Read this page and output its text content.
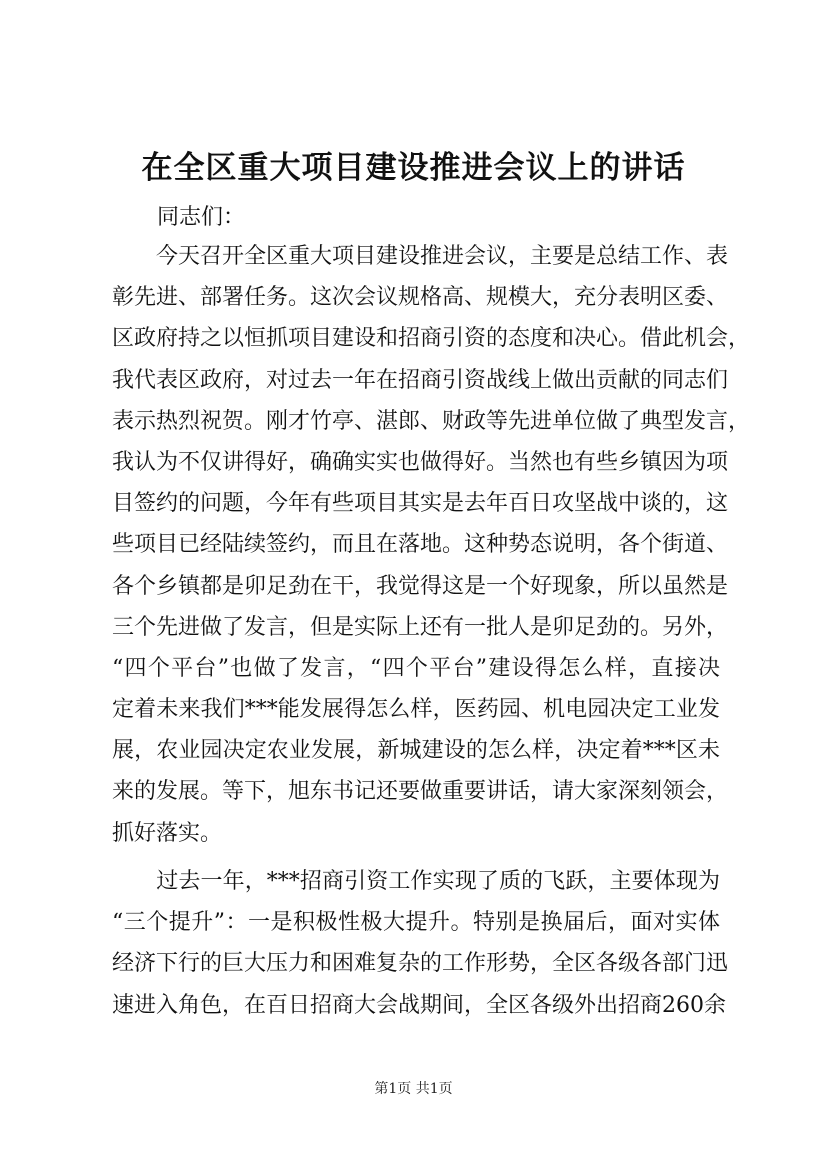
在全区重大项目建设推进会议上的讲话

同志们：

　　今天召开全区重大项目建设推进会议，主要是总结工作、表
彰先进、部署任务。这次会议规格高、规模大，充分表明区委、
区政府持之以恒抓项目建设和招商引资的态度和决心。借此机会，
我代表区政府，对过去一年在招商引资战线上做出贡献的同志们
表示热烈祝贺。刚才竹亭、湛郎、财政等先进单位做了典型发言，
我认为不仅讲得好，确确实实也做得好。当然也有些乡镇因为项
目签约的问题，今年有些项目其实是去年百日攻坚战中谈的，这
些项目已经陆续签约，而且在落地。这种势态说明，各个街道、
各个乡镇都是卯足劲在干，我觉得这是一个好现象，所以虽然是
三个先进做了发言，但是实际上还有一批人是卯足劲的。另外，
“四个平台”也做了发言，“四个平台”建设得怎么样，直接决
定着未来我们***能发展得怎么样，医药园、机电园决定工业发
展，农业园决定农业发展，新城建设的怎么样，决定着***区未
来的发展。等下，旭东书记还要做重要讲话，请大家深刻领会，
抓好落实。
　　过去一年，***招商引资工作实现了质的飞跃，主要体现为
“三个提升”：一是积极性极大提升。特别是换届后，面对实体
经济下行的巨大压力和困难复杂的工作形势，全区各级各部门迅
速进入角色，在百日招商大会战期间，全区各级外出招商260余

第1页 共1页
